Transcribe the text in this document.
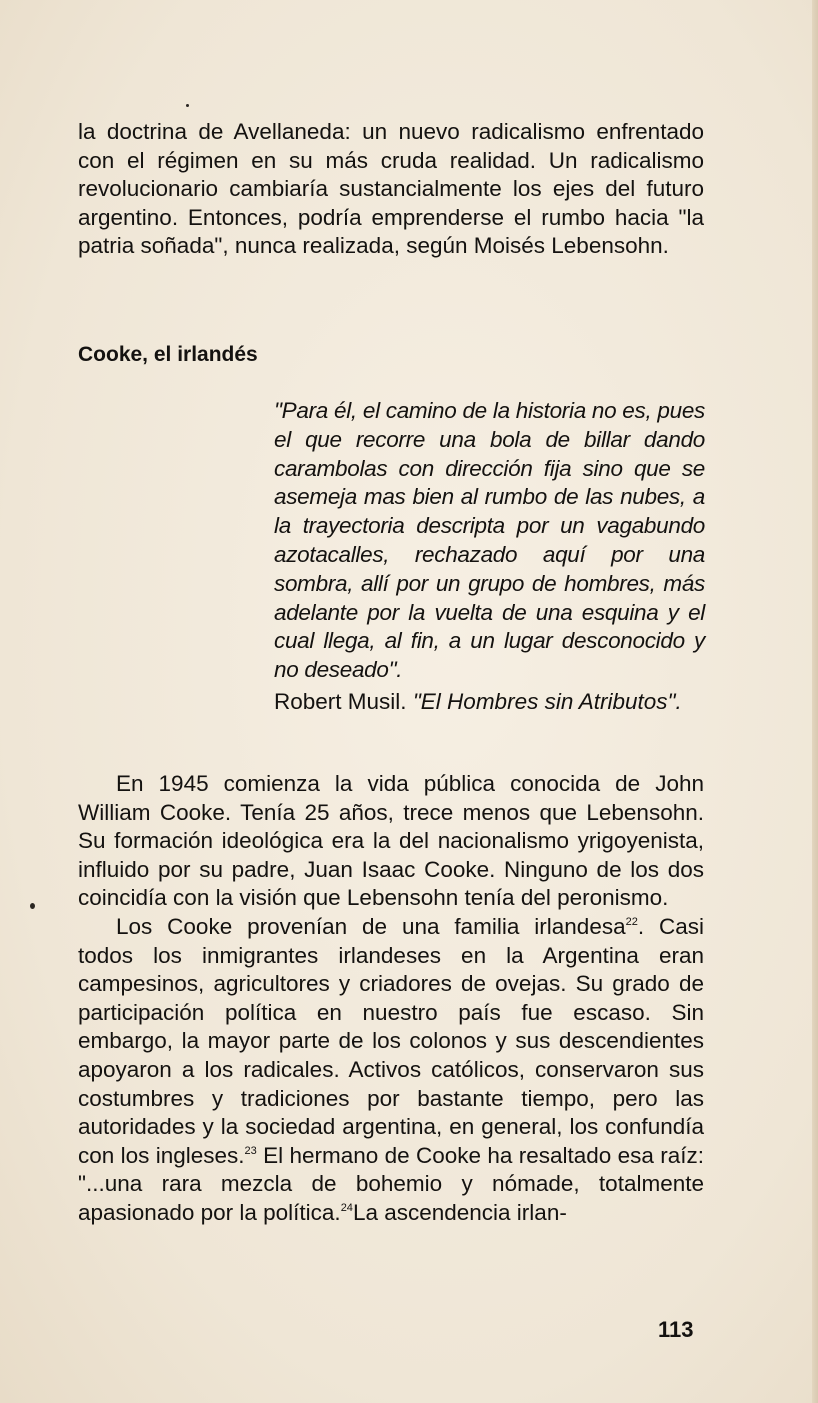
la doctrina de Avellaneda: un nuevo radicalismo enfrentado con el régimen en su más cruda realidad. Un radicalismo revolucionario cambiaría sustancialmente los ejes del futuro argentino. Entonces, podría emprenderse el rumbo hacia "la patria soñada", nunca realizada, según Moisés Lebensohn.

Cooke, el irlandés

"Para él, el camino de la historia no es, pues el que recorre una bola de billar dando carambolas con dirección fija sino que se asemeja mas bien al rumbo de las nubes, a la trayectoria descripta por un vagabundo azotacalles, rechazado aquí por una sombra, allí por un grupo de hombres, más adelante por la vuelta de una esquina y el cual llega, al fin, a un lugar desconocido y no deseado".

Robert Musil. "El Hombres sin Atributos".

En 1945 comienza la vida pública conocida de John William Cooke. Tenía 25 años, trece menos que Lebensohn. Su formación ideológica era la del nacionalismo yrigoyenista, influido por su padre, Juan Isaac Cooke. Ninguno de los dos coincidía con la visión que Lebensohn tenía del peronismo.

Los Cooke provenían de una familia irlandesa$^{22}$. Casi todos los inmigrantes irlandeses en la Argentina eran campesinos, agricultores y criadores de ovejas. Su grado de participación política en nuestro país fue escaso. Sin embargo, la mayor parte de los colonos y sus descendientes apoyaron a los radicales. Activos católicos, conservaron sus costumbres y tradiciones por bastante tiempo, pero las autoridades y la sociedad argentina, en general, los confundía con los ingleses.$^{23}$ El hermano de Cooke ha resaltado esa raíz: "...una rara mezcla de bohemio y nómade, totalmente apasionado por la política.$^{24}$La ascendencia irlan-

113
